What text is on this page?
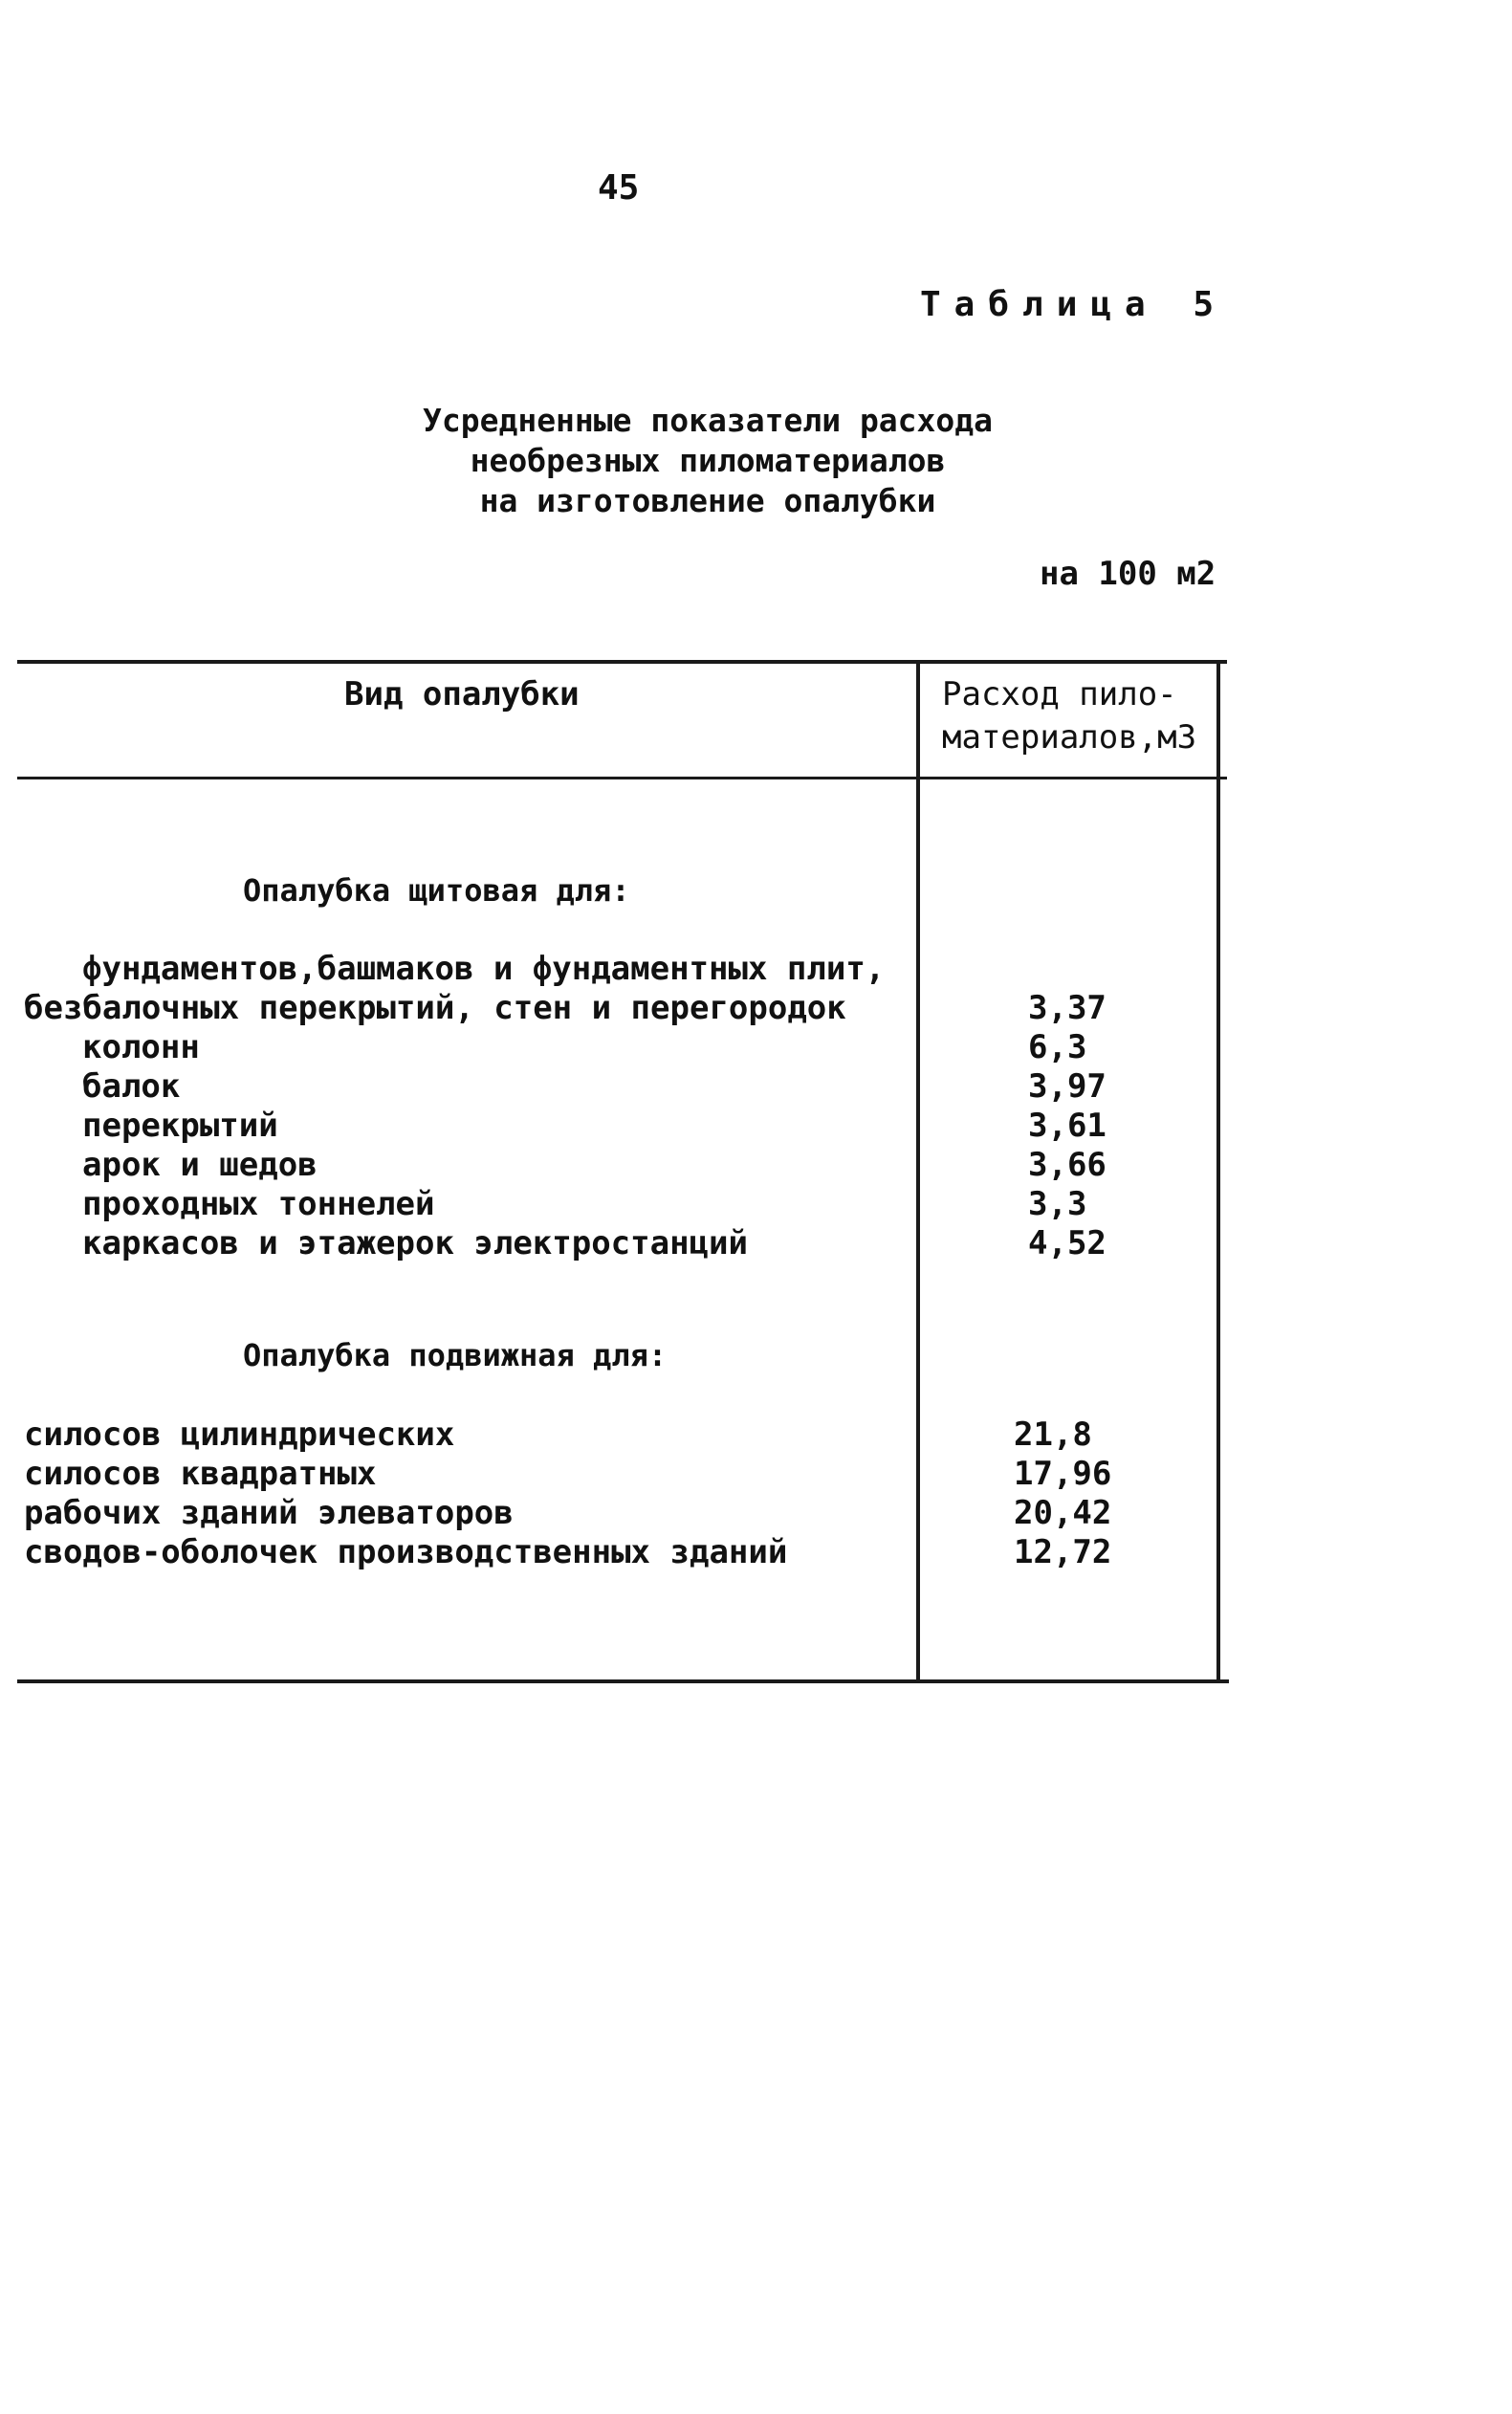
45
Таблица 5
Усредненные показатели расхода
необрезных пиломатериалов
на изготовление опалубки
на 100 м2
Вид опалубки	Расход пило-
материалов,м3
Опалубка щитовая для:
фундаментов,башмаков и фундаментных плит,
безбалочных перекрытий, стен и перегородок	3,37
колонн	6,3
балок	3,97
перекрытий	3,61
арок и шедов	3,66
проходных тоннелей	3,3
каркасов и этажерок электростанций	4,52
Опалубка подвижная для:
силосов цилиндрических	21,8
силосов квадратных	17,96
рабочих зданий элеваторов	20,42
сводов-оболочек производственных зданий	12,72
